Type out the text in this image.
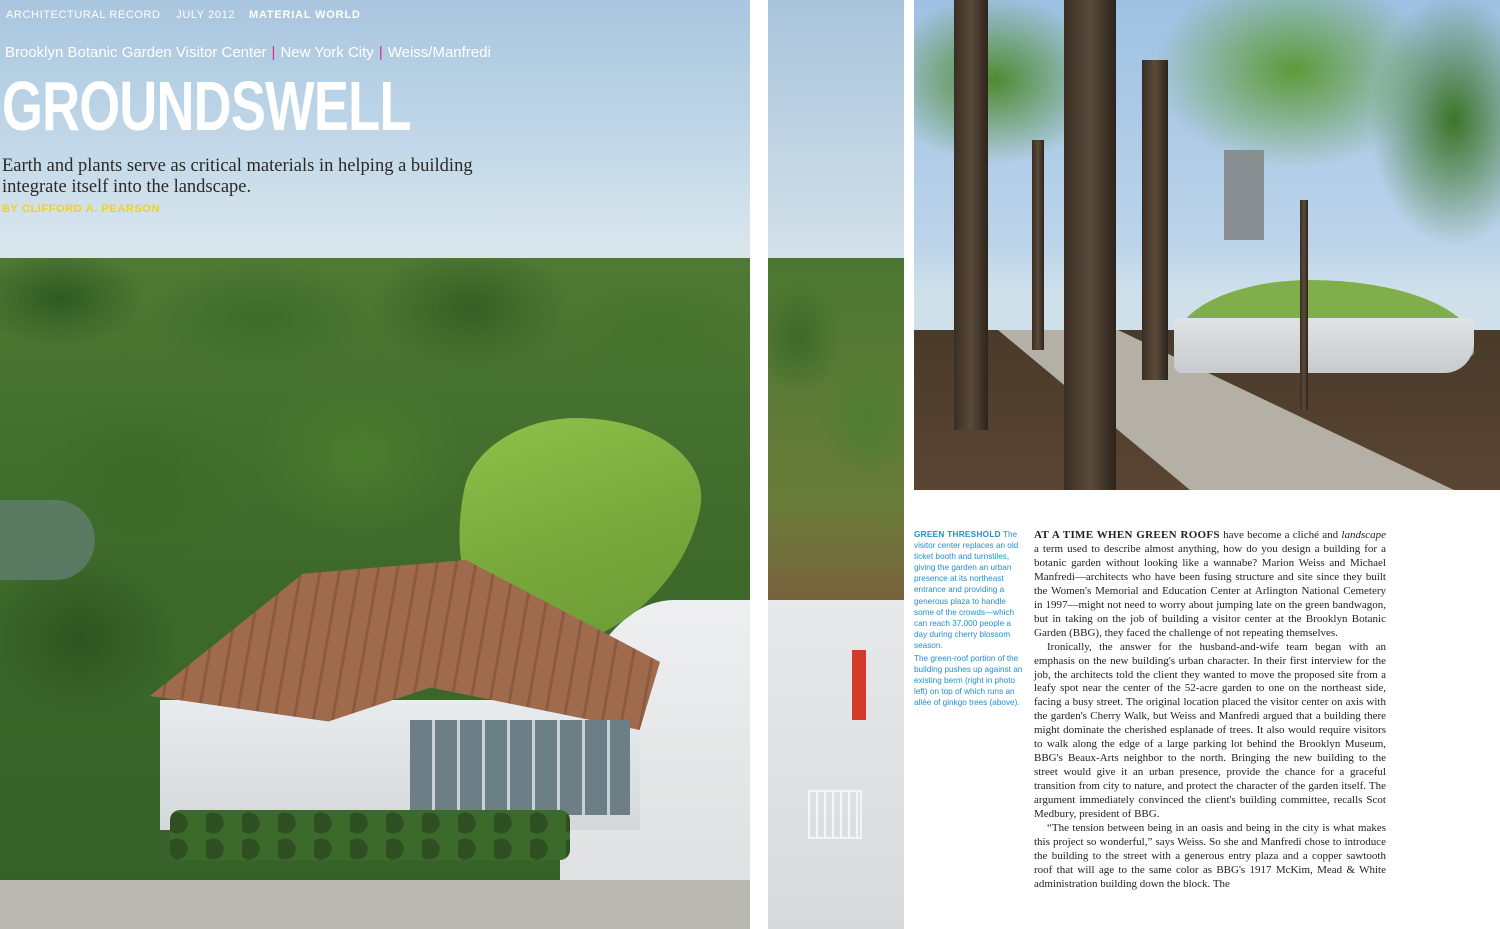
ARCHITECTURAL RECORD JULY 2012	MATERIAL WORLD
Brooklyn Botanic Garden Visitor Center | New York City | Weiss/Manfredi
GROUNDSWELL
Earth and plants serve as critical materials in helping a building integrate itself into the landscape.
BY CLIFFORD A. PEARSON

GREEN THRESHOLD The visitor center replaces an old ticket booth and turnstiles, giving the garden an urban presence at its northeast entrance and providing a generous plaza to handle some of the crowds—which can reach 37,000 people a day during cherry blossom season.

The green-roof portion of the building pushes up against an existing berm (right in photo left) on top of which runs an allée of ginkgo trees (above).

AT A TIME WHEN GREEN ROOFS have become a cliché and landscape a term used to describe almost anything, how do you design a building for a botanic garden without looking like a wannabe? Marion Weiss and Michael Manfredi—architects who have been fusing structure and site since they built the Women's Memorial and Education Center at Arlington National Cemetery in 1997—might not need to worry about jumping late on the green bandwagon, but in taking on the job of building a visitor center at the Brooklyn Botanic Garden (BBG), they faced the challenge of not repeating themselves.

Ironically, the answer for the husband-and-wife team began with an emphasis on the new building's urban character. In their first interview for the job, the architects told the client they wanted to move the proposed site from a leafy spot near the center of the 52-acre garden to one on the northeast side, facing a busy street. The original location placed the visitor center on axis with the garden's Cherry Walk, but Weiss and Manfredi argued that a building there might dominate the cherished esplanade of trees. It also would require visitors to walk along the edge of a large parking lot behind the Brooklyn Museum, BBG's Beaux-Arts neighbor to the north. Bringing the new building to the street would give it an urban presence, provide the chance for a graceful transition from city to nature, and protect the character of the garden itself. The argument immediately convinced the client's building committee, recalls Scot Medbury, president of BBG.

“The tension between being in an oasis and being in the city is what makes this project so wonderful,” says Weiss. So she and Manfredi chose to introduce the building to the street with a generous entry plaza and a copper sawtooth roof that will age to the same color as BBG's 1917 McKim, Mead & White administration building down the block. The
